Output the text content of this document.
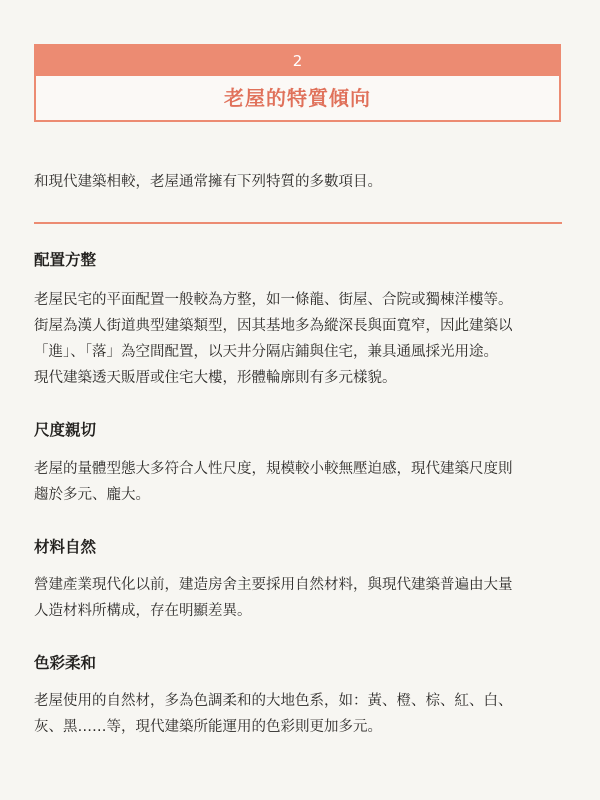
2
老屋的特質傾向
和現代建築相較，老屋通常擁有下列特質的多數項目。
配置方整
老屋民宅的平面配置一般較為方整，如一條龍、街屋、合院或獨棟洋樓等。
街屋為漢人街道典型建築類型，因其基地多為縱深長與面寬窄，因此建築以
「進」、「落」為空間配置，以天井分隔店鋪與住宅，兼具通風採光用途。
現代建築透天販厝或住宅大樓，形體輪廓則有多元樣貌。
尺度親切
老屋的量體型態大多符合人性尺度，規模較小較無壓迫感，現代建築尺度則
趨於多元、龐大。
材料自然
營建產業現代化以前，建造房舍主要採用自然材料，與現代建築普遍由大量
人造材料所構成，存在明顯差異。
色彩柔和
老屋使用的自然材，多為色調柔和的大地色系，如：黃、橙、棕、紅、白、
灰、黑……等，現代建築所能運用的色彩則更加多元。
